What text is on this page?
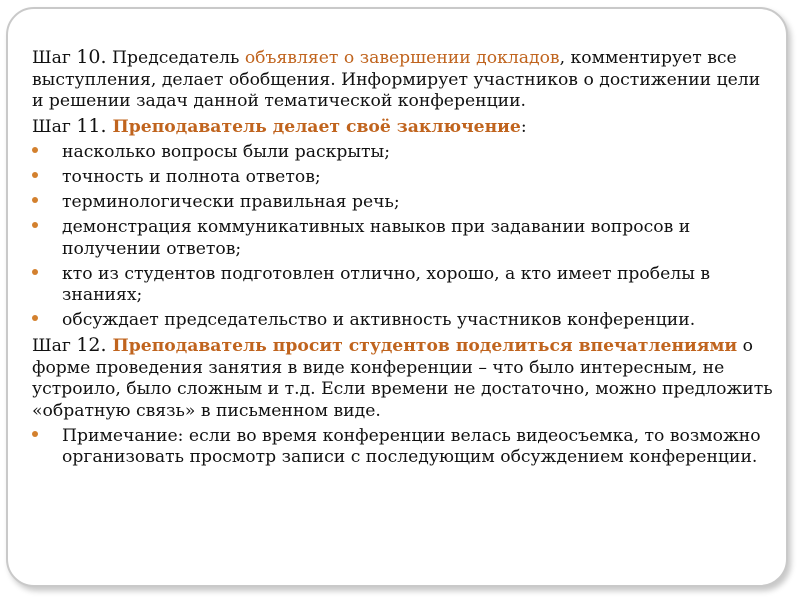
Шаг 10. Председатель объявляет о завершении докладов, комментирует все выступления, делает обобщения. Информирует участников о достижении цели и решении задач данной тематической конференции.

Шаг 11. Преподаватель делает своё заключение:

насколько вопросы были раскрыты;
точность и полнота ответов;
терминологически правильная речь;
демонстрация коммуникативных навыков при задавании вопросов и получении ответов;
кто из студентов подготовлен отлично, хорошо, а кто имеет пробелы в знаниях;
обсуждает председательство и активность участников конференции.

Шаг 12. Преподаватель просит студентов поделиться впечатлениями о форме проведения занятия в виде конференции – что было интересным, не устроило, было сложным и т.д. Если времени не достаточно, можно предложить «обратную связь» в письменном виде.

Примечание: если во время конференции велась видеосъемка, то возможно организовать просмотр записи с последующим обсуждением конференции.
